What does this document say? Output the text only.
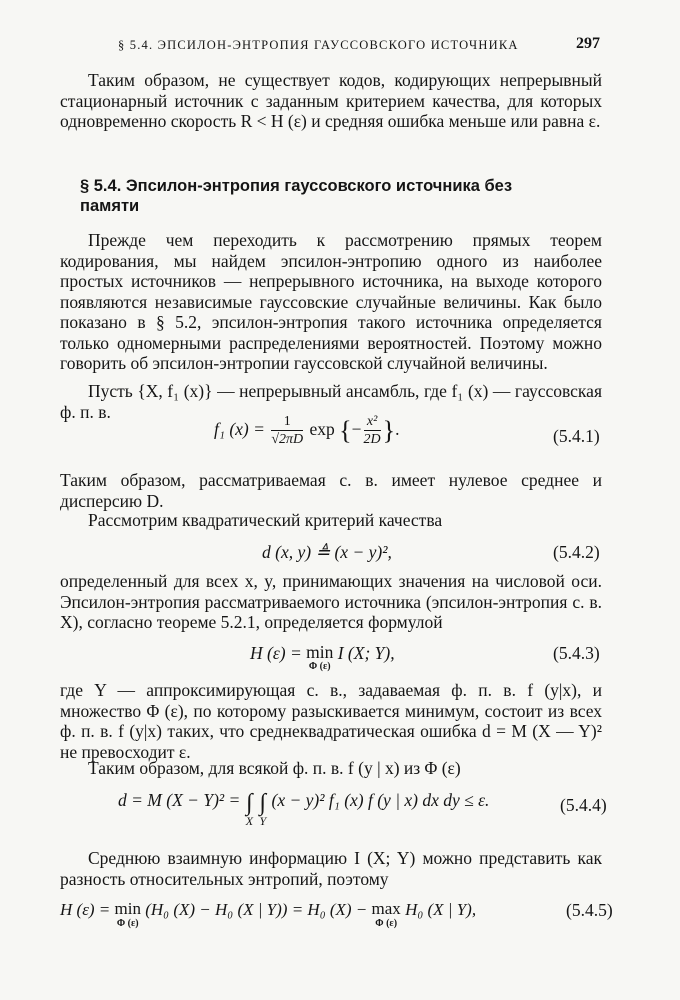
§ 5.4. ЭПСИЛОН-ЭНТРОПИЯ ГАУССОВСКОГО ИСТОЧНИКА	297
Таким образом, не существует кодов, кодирующих непрерывный стационарный источник с заданным критерием качества, для которых одновременно скорость R < H (ε) и средняя ошибка меньше или равна ε.
§ 5.4. Эпсилон-энтропия гауссовского источника без памяти
Прежде чем переходить к рассмотрению прямых теорем кодирования, мы найдем эпсилон-энтропию одного из наиболее простых источников — непрерывного источника, на выходе которого появляются независимые гауссовские случайные величины. Как было показано в § 5.2, эпсилон-энтропия такого источника определяется только одномерными распределениями вероятностей. Поэтому можно говорить об эпсилон-энтропии гауссовской случайной величины.
Пусть {X, f₁ (x)} — непрерывный ансамбль, где f₁ (x) — гауссовская ф. п. в.
f₁ $(x) = \frac{1}{√2\pi D}$ exp {− $\frac{\text{x²}}{2D}$ }.	(5.4.1)
Таким образом, рассматриваемая с. в. имеет нулевое среднее и дисперсию D.
Рассмотрим квадратический критерий качества
d (x, y) ≜ (x − y)²,	(5.4.2)
определенный для всех x, y, принимающих значения на числовой оси. Эпсилон-энтропия рассматриваемого источника (эпсилон-энтропия с. в. X), согласно теореме 5.2.1, определяется формулой
H (ε) = min
Φ (ε)
I (X; Y),	(5.4.3)
где Y — аппроксимирующая с. в., задаваемая ф. п. в. f (y|x), и множество Φ (ε), по которому разыскивается минимум, состоит из всех ф. п. в. f (y|x) таких, что среднеквадратическая ошибка d = M (X — Y)² не превосходит ε.
Таким образом, для всякой ф. п. в. f (y | x) из Φ (ε)
d = M (X − Y)² = ∫
X

∫
Y
(x − y)² f₁ (x) f (y | x) dx dy ≤ ε.	(5.4.4)
Среднюю взаимную информацию I (X; Y) можно представить как разность относительных энтропий, поэтому
H (ε) = min
Φ (ε)
(H₀ (X) − H₀ (X | Y)) = H₀ (X) − max
Φ (ε)
H₀ (X | Y),	(5.4.5)
